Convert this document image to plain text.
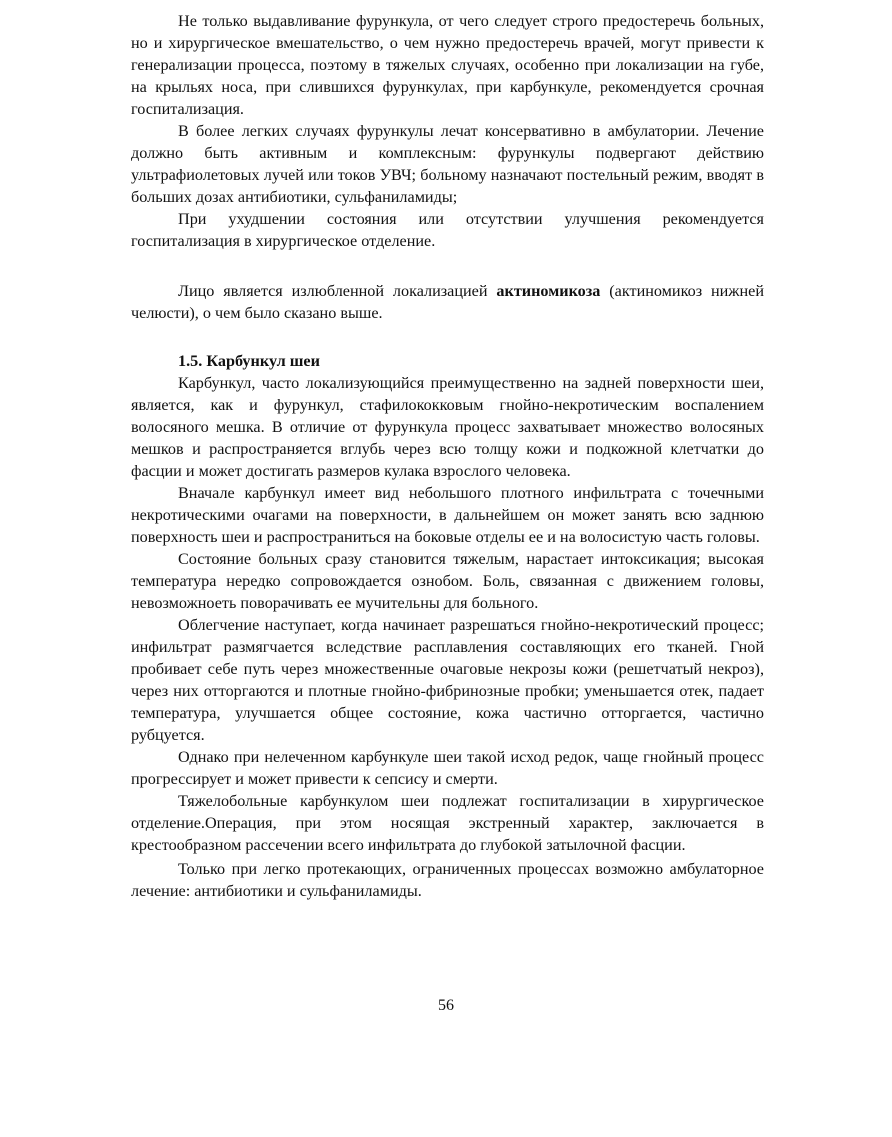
Не только выдавливание фурункула, от чего следует строго предостеречь больных, но и хирургическое вмешательство, о чем нужно предостеречь врачей, могут привести к генерализации процесса, поэтому в тяжелых случаях, особенно при локализации на губе, на крыльях носа, при слившихся фурункулах, при карбункуле, рекомендуется срочная госпитализация.

В более легких случаях фурункулы лечат консервативно в амбулатории. Лечение должно быть активным и комплексным: фурункулы подвергают действию ультрафиолетовых лучей или токов УВЧ; больному назначают постельный режим, вводят в больших дозах антибиотики, сульфаниламиды;

При ухудшении состояния или отсутствии улучшения рекомендуется госпитализация в хирургическое отделение.

Лицо является излюбленной локализацией актиномикоза (актиномикоз нижней челюсти), о чем было сказано выше.

1.5. Карбункул шеи

Карбункул, часто локализующийся преимущественно на задней поверхности шеи, является, как и фурункул, стафилококковым гнойно-некротическим воспалением волосяного мешка. В отличие от фурункула процесс захватывает множество волосяных мешков и распространяется вглубь через всю толщу кожи и подкожной клетчатки до фасции и может достигать размеров кулака взрослого человека.

Вначале карбункул имеет вид небольшого плотного инфильтрата с точечными некротическими очагами на поверхности, в дальнейшем он может занять всю заднюю поверхность шеи и распространиться на боковые отделы ее и на волосистую часть головы.

Состояние больных сразу становится тяжелым, нарастает интоксикация; высокая температура нередко сопровождается ознобом. Боль, связанная с движением головы, невозможноеть поворачивать ее мучительны для больного.

Облегчение наступает, когда начинает разрешаться гнойно-некротический процесс; инфильтрат размягчается вследствие расплавления составляющих его тканей. Гной пробивает себе путь через множественные очаговые некрозы кожи (решетчатый некроз), через них отторгаются и плотные гнойно-фибринозные пробки; уменьшается отек, падает температура, улучшается общее состояние, кожа частично отторгается, частично рубцуется.

Однако при нелеченном карбункуле шеи такой исход редок, чаще гнойный процесс прогрессирует и может привести к сепсису и смерти.

Тяжелобольные карбункулом шеи подлежат госпитализации в хирургическое отделение.Операция, при этом носящая экстренный характер, заключается в крестообразном рассечении всего инфильтрата до глубокой затылочной фасции.

Только при легко протекающих, ограниченных процессах возможно амбулаторное лечение: антибиотики и сульфаниламиды.

56
